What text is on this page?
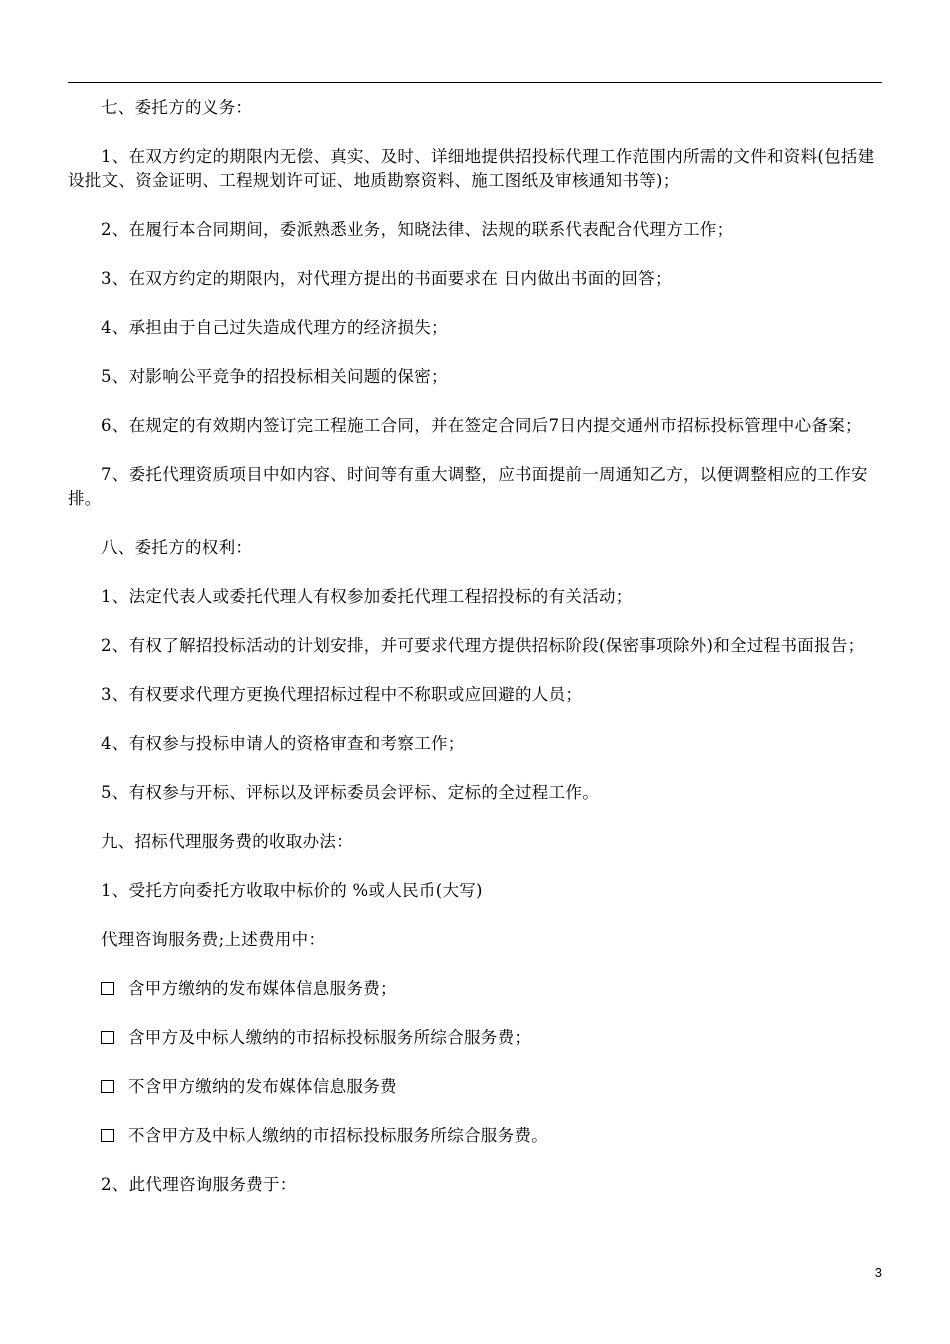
七、委托方的义务：

1、在双方约定的期限内无偿、真实、及时、详细地提供招投标代理工作范围内所需的文件和资料(包括建设批文、资金证明、工程规划许可证、地质勘察资料、施工图纸及审核通知书等)；

2、在履行本合同期间，委派熟悉业务，知晓法律、法规的联系代表配合代理方工作；

3、在双方约定的期限内，对代理方提出的书面要求在 日内做出书面的回答；

4、承担由于自己过失造成代理方的经济损失；

5、对影响公平竞争的招投标相关问题的保密；

6、在规定的有效期内签订完工程施工合同，并在签定合同后7日内提交通州市招标投标管理中心备案；

7、委托代理资质项目中如内容、时间等有重大调整，应书面提前一周通知乙方，以便调整相应的工作安排。

八、委托方的权利：

1、法定代表人或委托代理人有权参加委托代理工程招投标的有关活动；

2、有权了解招投标活动的计划安排，并可要求代理方提供招标阶段(保密事项除外)和全过程书面报告；

3、有权要求代理方更换代理招标过程中不称职或应回避的人员；

4、有权参与投标申请人的资格审查和考察工作；

5、有权参与开标、评标以及评标委员会评标、定标的全过程工作。

九、招标代理服务费的收取办法：

1、受托方向委托方收取中标价的 %或人民币(大写)

代理咨询服务费;上述费用中：

含甲方缴纳的发布媒体信息服务费；

含甲方及中标人缴纳的市招标投标服务所综合服务费；

不含甲方缴纳的发布媒体信息服务费

不含甲方及中标人缴纳的市招标投标服务所综合服务费。

2、此代理咨询服务费于：

3
